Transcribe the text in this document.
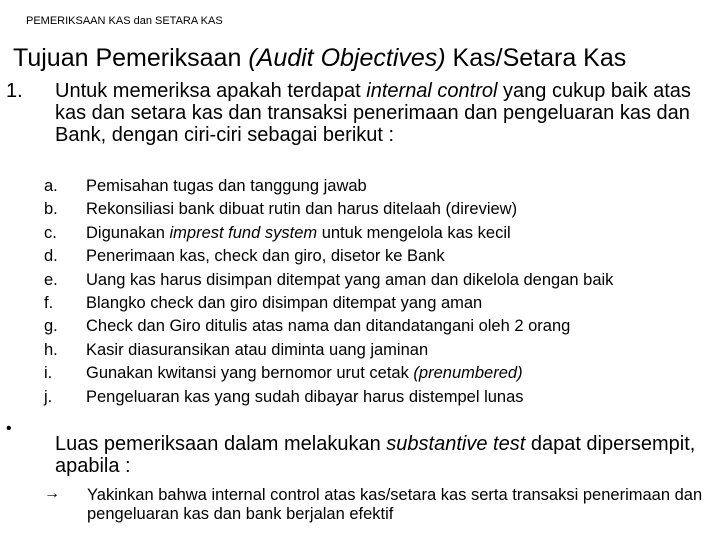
PEMERIKSAAN KAS dan SETARA KAS
Tujuan Pemeriksaan (Audit Objectives) Kas/Setara Kas
1. Untuk memeriksa apakah terdapat internal control yang cukup baik atas kas dan setara kas dan transaksi penerimaan dan pengeluaran kas dan Bank, dengan ciri-ciri sebagai berikut :
a.	Pemisahan tugas dan tanggung jawab
b.	Rekonsiliasi bank dibuat rutin dan harus ditelaah (direview)
c.	Digunakan imprest fund system untuk mengelola kas kecil
d.	Penerimaan kas, check dan giro, disetor ke Bank
e.	Uang kas harus disimpan ditempat yang aman dan dikelola dengan baik
f.	Blangko check dan giro disimpan ditempat yang aman
g.	Check dan Giro ditulis atas nama dan ditandatangani oleh 2 orang
h.	Kasir diasuransikan atau diminta uang jaminan
i.	Gunakan kwitansi yang bernomor urut cetak (prenumbered)
j.	Pengeluaran kas yang sudah dibayar harus distempel lunas
•
Luas pemeriksaan dalam melakukan substantive test dapat dipersempit, apabila :
→ Yakinkan bahwa internal control atas kas/setara kas serta transaksi penerimaan dan pengeluaran kas dan bank berjalan efektif
